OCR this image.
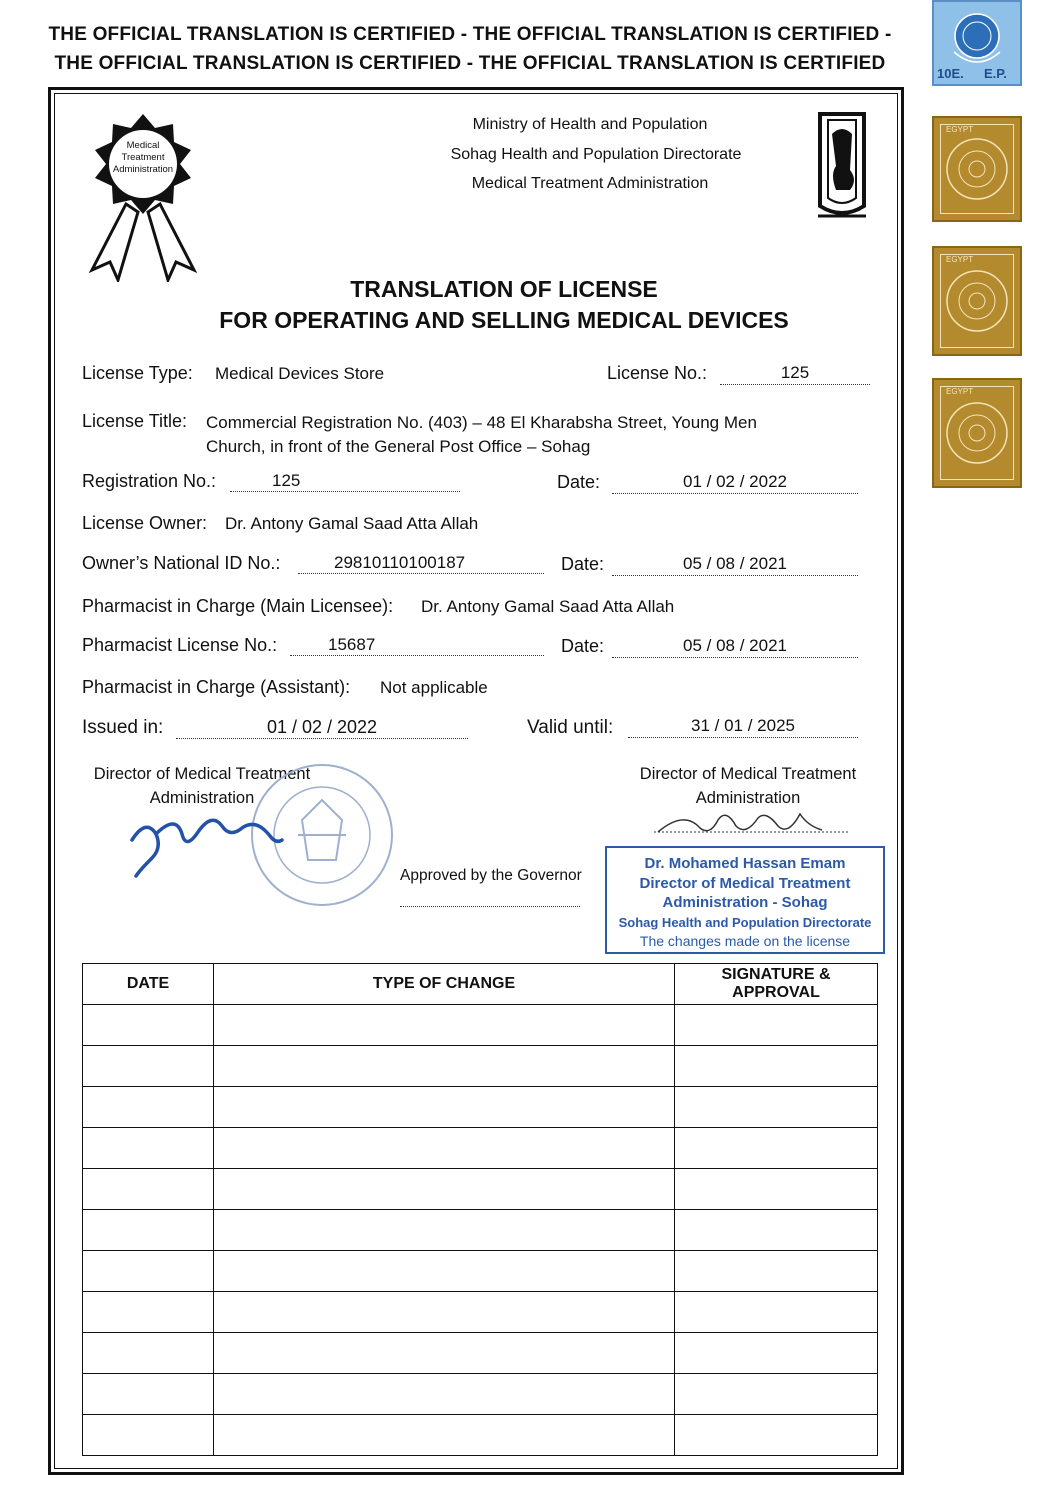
THE OFFICIAL TRANSLATION IS CERTIFIED - THE OFFICIAL TRANSLATION IS CERTIFIED -
THE OFFICIAL TRANSLATION IS CERTIFIED - THE OFFICIAL TRANSLATION IS CERTIFIED	10E. E.P.
EGYPT
EGYPT
EGYPT
Medical
Treatment
Administration
Ministry of Health and Population
Sohag Health and Population Directorate
Medical Treatment Administration
TRANSLATION OF LICENSE
FOR OPERATING AND SELLING MEDICAL DEVICES
License Type: Medical Devices Store	License No.:	125
License Title: Commercial Registration No. (403) – 48 El Kharabsha Street, Young Men
Church, in front of the General Post Office – Sohag
Registration No.:	125	Date:	01 / 02 / 2022
License Owner: Dr. Antony Gamal Saad Atta Allah
Owner’s National ID No.:	29810110100187	Date:	05 / 08 / 2021
Pharmacist in Charge (Main Licensee): Dr. Antony Gamal Saad Atta Allah
Pharmacist License No.:	15687	Date:	05 / 08 / 2021
Pharmacist in Charge (Assistant): Not applicable
Issued in:	01 / 02 / 2022	Valid until:	31 / 01 / 2025
Director of Medical Treatment
Administration
Approved by the Governor
Director of Medical Treatment
Administration
Dr. Mohamed Hassan Emam
Director of Medical Treatment
Administration - Sohag
Sohag Health and Population Directorate
The changes made on the license
DATE	TYPE OF CHANGE	SIGNATURE & APPROVAL
